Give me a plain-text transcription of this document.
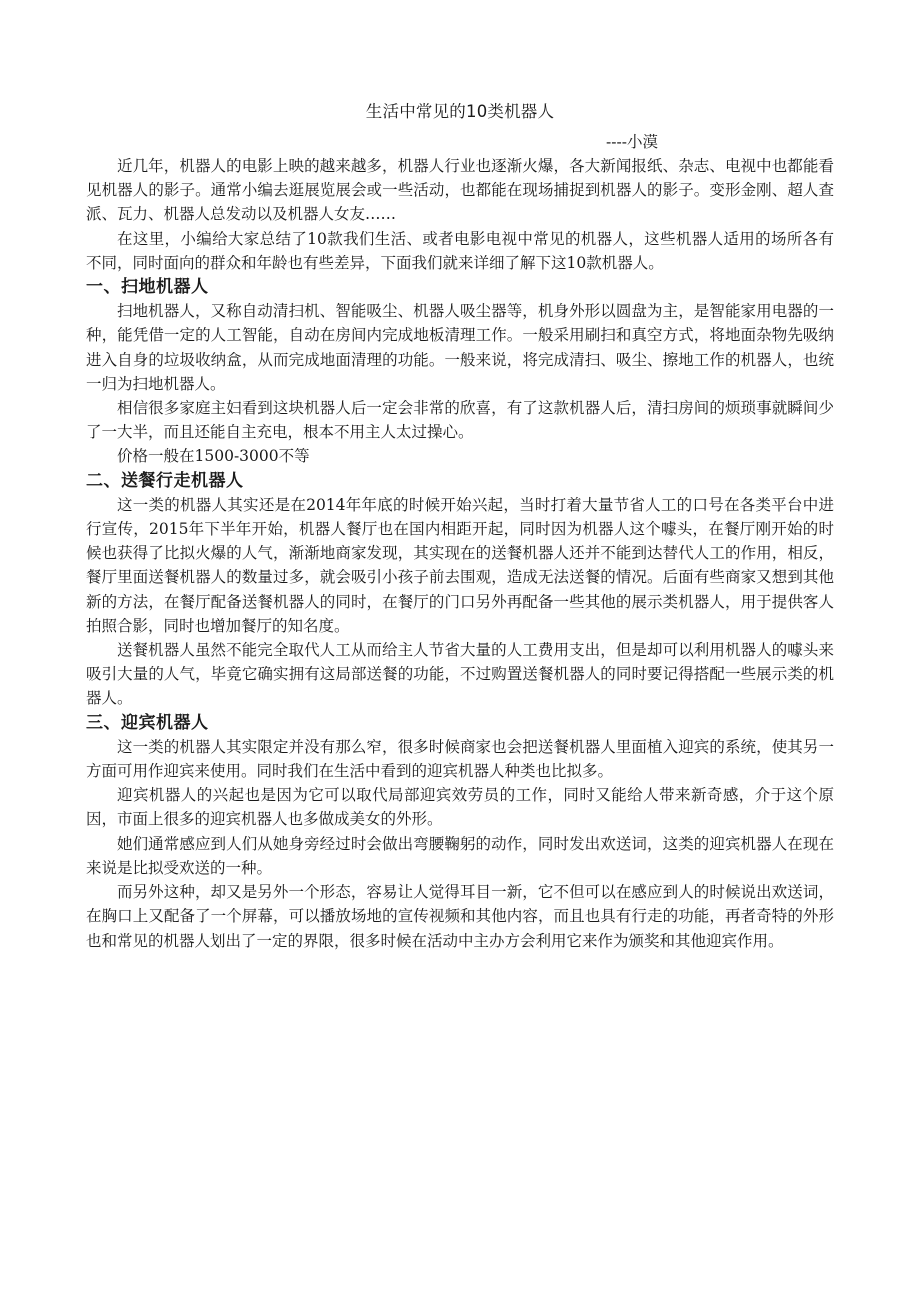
生活中常见的10类机器人
----小漠

近几年，机器人的电影上映的越来越多，机器人行业也逐渐火爆，各大新闻报纸、杂志、电视中也都能看见机器人的影子。通常小编去逛展览展会或一些活动，也都能在现场捕捉到机器人的影子。变形金刚、超人查派、瓦力、机器人总发动以及机器人女友……

在这里，小编给大家总结了10款我们生活、或者电影电视中常见的机器人，这些机器人适用的场所各有不同，同时面向的群众和年龄也有些差异，下面我们就来详细了解下这10款机器人。

一、扫地机器人

扫地机器人，又称自动清扫机、智能吸尘、机器人吸尘器等，机身外形以圆盘为主，是智能家用电器的一种，能凭借一定的人工智能，自动在房间内完成地板清理工作。一般采用刷扫和真空方式，将地面杂物先吸纳进入自身的垃圾收纳盒，从而完成地面清理的功能。一般来说，将完成清扫、吸尘、擦地工作的机器人，也统一归为扫地机器人。

相信很多家庭主妇看到这块机器人后一定会非常的欣喜，有了这款机器人后，清扫房间的烦琐事就瞬间少了一大半，而且还能自主充电，根本不用主人太过操心。

价格一般在1500-3000不等

二、送餐行走机器人

这一类的机器人其实还是在2014年年底的时候开始兴起，当时打着大量节省人工的口号在各类平台中进行宣传，2015年下半年开始，机器人餐厅也在国内相距开起，同时因为机器人这个噱头，在餐厅刚开始的时候也获得了比拟火爆的人气，渐渐地商家发现，其实现在的送餐机器人还并不能到达替代人工的作用，相反，餐厅里面送餐机器人的数量过多，就会吸引小孩子前去围观，造成无法送餐的情况。后面有些商家又想到其他新的方法，在餐厅配备送餐机器人的同时，在餐厅的门口另外再配备一些其他的展示类机器人，用于提供客人拍照合影，同时也增加餐厅的知名度。

送餐机器人虽然不能完全取代人工从而给主人节省大量的人工费用支出，但是却可以利用机器人的噱头来吸引大量的人气，毕竟它确实拥有这局部送餐的功能，不过购置送餐机器人的同时要记得搭配一些展示类的机器人。

三、迎宾机器人

这一类的机器人其实限定并没有那么窄，很多时候商家也会把送餐机器人里面植入迎宾的系统，使其另一方面可用作迎宾来使用。同时我们在生活中看到的迎宾机器人种类也比拟多。

迎宾机器人的兴起也是因为它可以取代局部迎宾效劳员的工作，同时又能给人带来新奇感，介于这个原因，市面上很多的迎宾机器人也多做成美女的外形。

她们通常感应到人们从她身旁经过时会做出弯腰鞠躬的动作，同时发出欢送词，这类的迎宾机器人在现在来说是比拟受欢送的一种。

而另外这种，却又是另外一个形态，容易让人觉得耳目一新，它不但可以在感应到人的时候说出欢送词，在胸口上又配备了一个屏幕，可以播放场地的宣传视频和其他内容，而且也具有行走的功能，再者奇特的外形也和常见的机器人划出了一定的界限，很多时候在活动中主办方会利用它来作为颁奖和其他迎宾作用。
